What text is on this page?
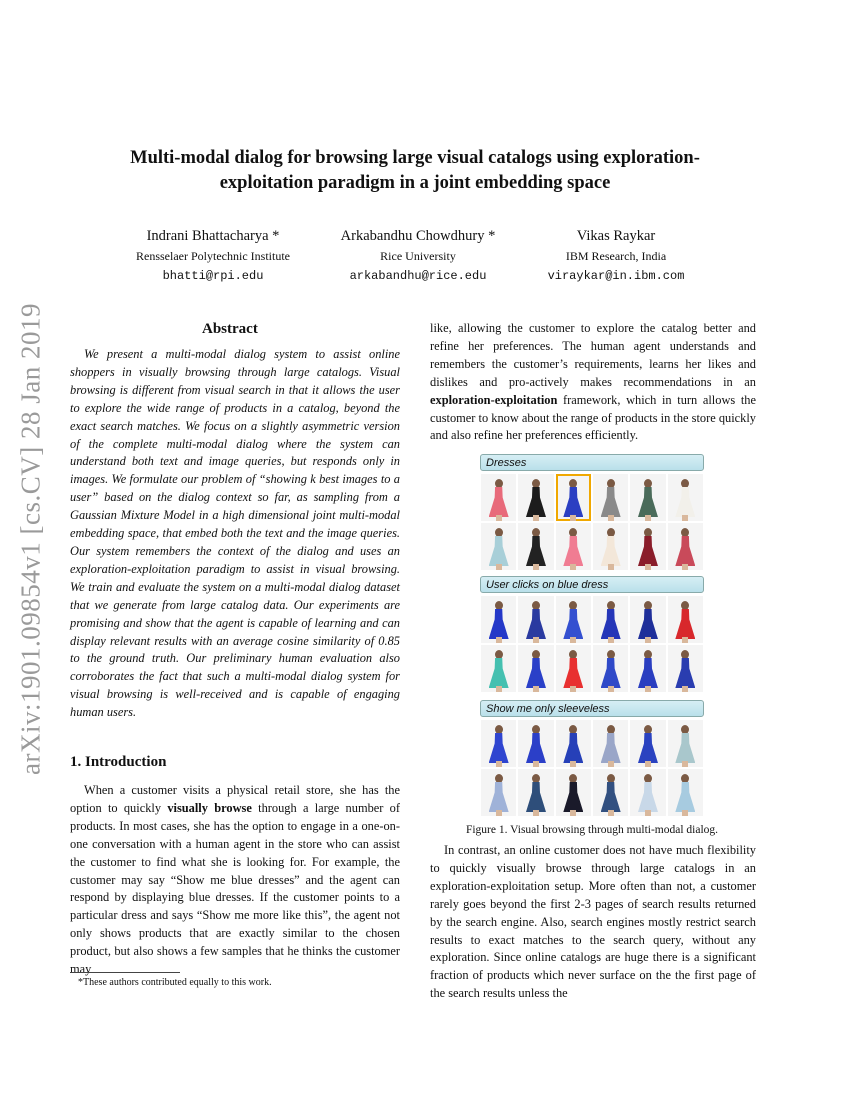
arXiv:1901.09854v1 [cs.CV] 28 Jan 2019
Multi-modal dialog for browsing large visual catalogs using exploration-exploitation paradigm in a joint embedding space
Indrani Bhattacharya *
Rensselaer Polytechnic Institute
bhatti@rpi.edu
Arkabandhu Chowdhury *
Rice University
arkabandhu@rice.edu
Vikas Raykar
IBM Research, India
viraykar@in.ibm.com
Abstract

We present a multi-modal dialog system to assist online shoppers in visually browsing through large catalogs. Visual browsing is different from visual search in that it allows the user to explore the wide range of products in a catalog, beyond the exact search matches. We focus on a slightly asymmetric version of the complete multi-modal dialog where the system can understand both text and image queries, but responds only in images. We formulate our problem of “showing k best images to a user” based on the dialog context so far, as sampling from a Gaussian Mixture Model in a high dimensional joint multi-modal embedding space, that embed both the text and the image queries. Our system remembers the context of the dialog and uses an exploration-exploitation paradigm to assist in visual browsing. We train and evaluate the system on a multi-modal dialog dataset that we generate from large catalog data. Our experiments are promising and show that the agent is capable of learning and can display relevant results with an average cosine similarity of 0.85 to the ground truth. Our preliminary human evaluation also corroborates the fact that such a multi-modal dialog system for visual browsing is well-received and is capable of engaging human users.

1. Introduction

When a customer visits a physical retail store, she has the option to quickly visually browse through a large number of products. In most cases, she has the option to engage in a one-on-one conversation with a human agent in the store who can assist the customer to find what she is looking for. For example, the customer may say “Show me blue dresses” and the agent can respond by displaying blue dresses. If the customer points to a particular dress and says “Show me more like this”, the agent not only shows products that are exactly similar to the chosen product, but also shows a few samples that he thinks the customer may

*These authors contributed equally to this work.

like, allowing the customer to explore the catalog better and refine her preferences. The human agent understands and remembers the customer’s requirements, learns her likes and dislikes and pro-actively makes recommendations in an exploration-exploitation framework, which in turn allows the customer to know about the range of products in the store quickly and also refine her preferences efficiently.

Dresses
User clicks on blue dress
Show me only sleeveless
Figure 1. Visual browsing through multi-modal dialog.

In contrast, an online customer does not have much flexibility to quickly visually browse through large catalogs in an exploration-exploitation setup. More often than not, a customer rarely goes beyond the first 2-3 pages of search results returned by the search engine. Also, search engines mostly restrict search results to exact matches to the search query, without any exploration. Since online catalogs are huge there is a significant fraction of products which never surface on the the first page of the search results unless the
